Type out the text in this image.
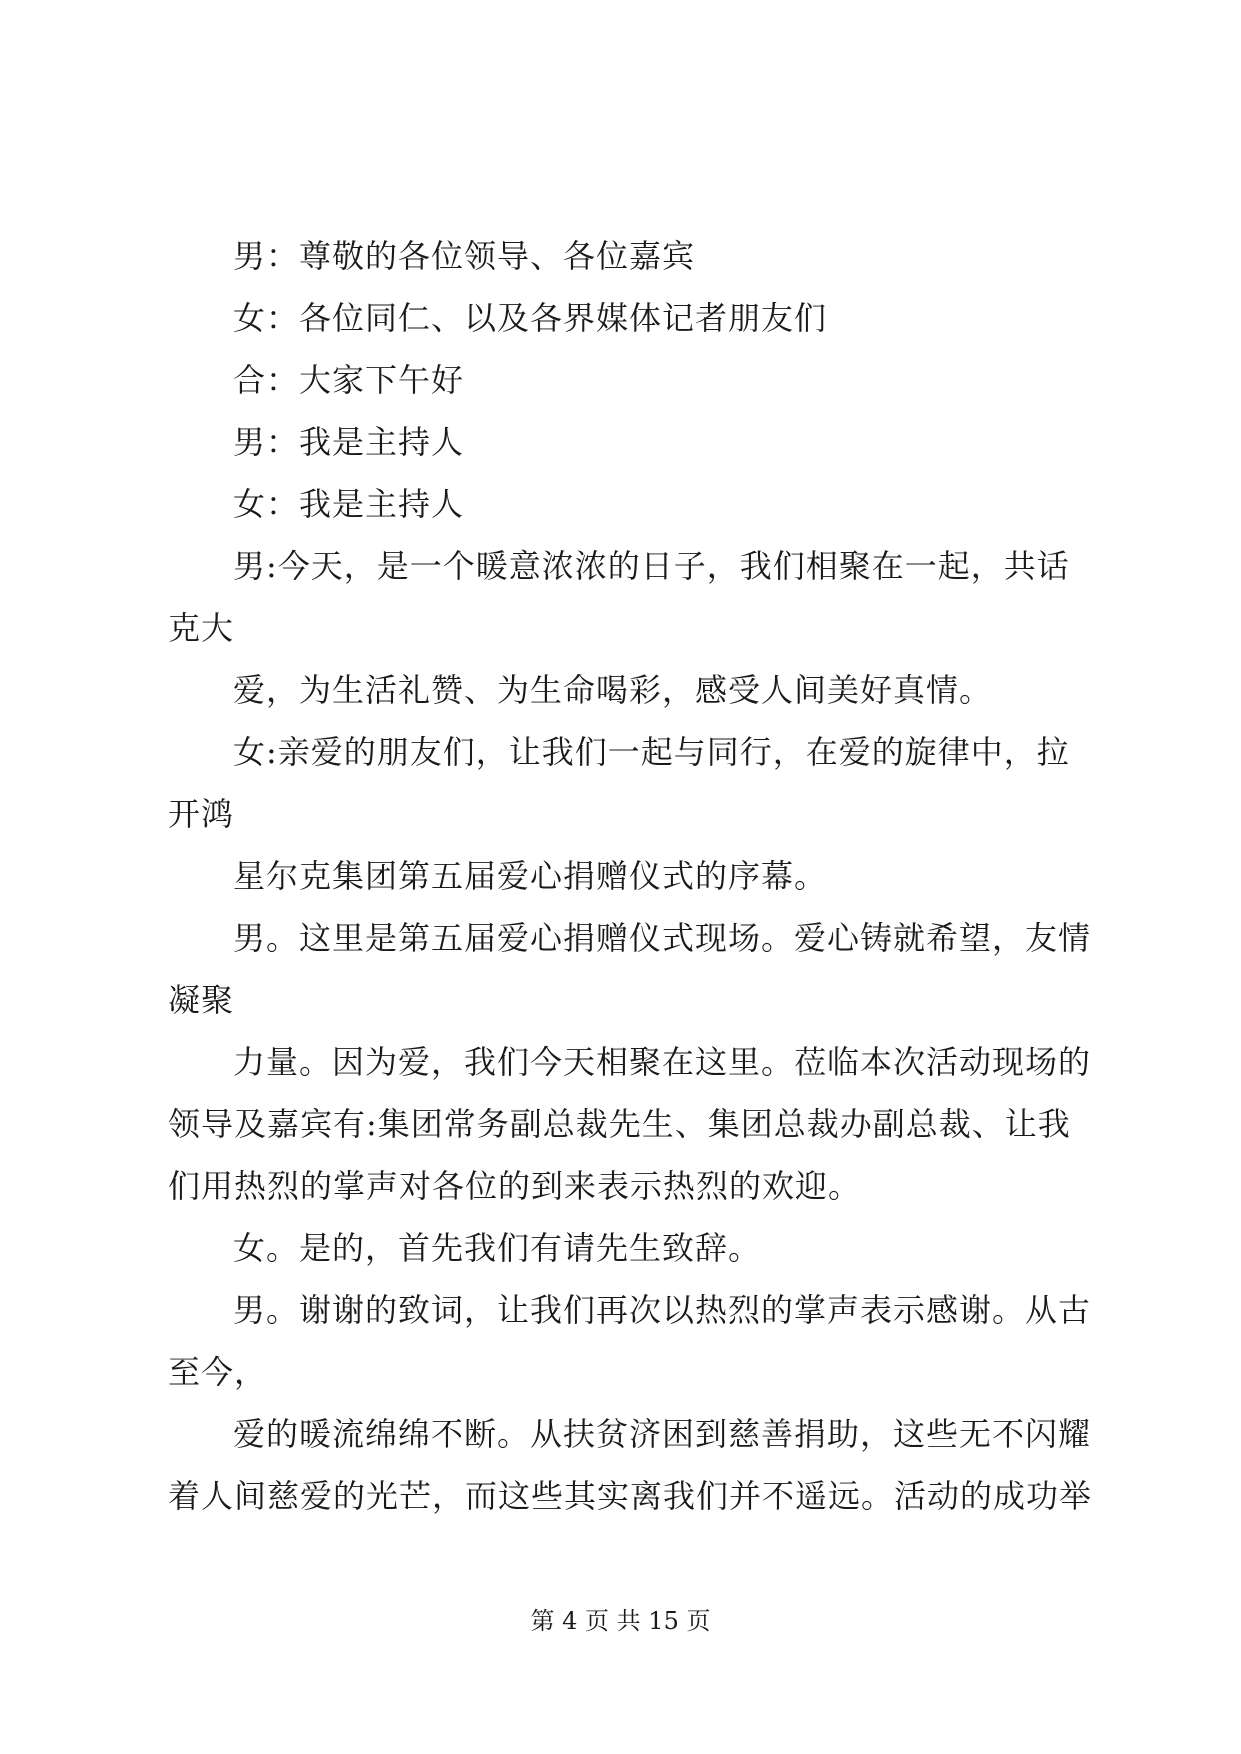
男：尊敬的各位领导、各位嘉宾
女：各位同仁、以及各界媒体记者朋友们
合：大家下午好
男：我是主持人
女：我是主持人
男:今天，是一个暖意浓浓的日子，我们相聚在一起，共话
克大
爱，为生活礼赞、为生命喝彩，感受人间美好真情。
女:亲爱的朋友们，让我们一起与同行，在爱的旋律中，拉
开鸿
星尔克集团第五届爱心捐赠仪式的序幕。
男。这里是第五届爱心捐赠仪式现场。爱心铸就希望，友情
凝聚
力量。因为爱，我们今天相聚在这里。莅临本次活动现场的
领导及嘉宾有:集团常务副总裁先生、集团总裁办副总裁、让我
们用热烈的掌声对各位的到来表示热烈的欢迎。
女。是的，首先我们有请先生致辞。
男。谢谢的致词，让我们再次以热烈的掌声表示感谢。从古
至今，
爱的暖流绵绵不断。从扶贫济困到慈善捐助，这些无不闪耀
着人间慈爱的光芒，而这些其实离我们并不遥远。活动的成功举
第 4 页 共 15 页
